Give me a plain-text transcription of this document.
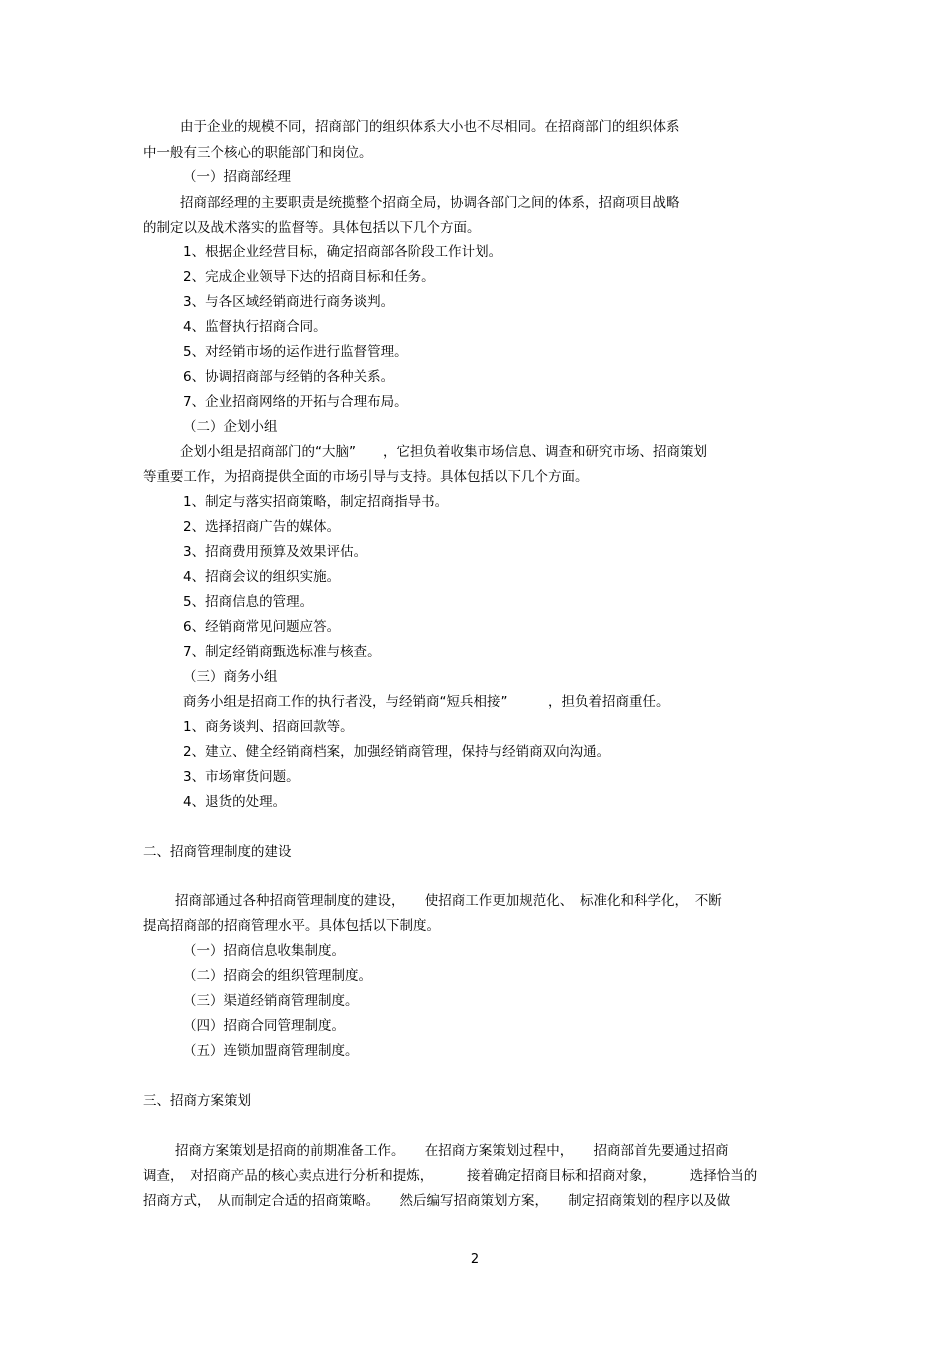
由于企业的规模不同，招商部门的组织体系大小也不尽相同。在招商部门的组织体系
中一般有三个核心的职能部门和岗位。
（一）招商部经理
招商部经理的主要职责是统揽整个招商全局，协调各部门之间的体系，招商项目战略
的制定以及战术落实的监督等。具体包括以下几个方面。
1、根据企业经营目标，确定招商部各阶段工作计划。
2、完成企业领导下达的招商目标和任务。
3、与各区域经销商进行商务谈判。
4、监督执行招商合同。
5、对经销市场的运作进行监督管理。
6、协调招商部与经销的各种关系。
7、企业招商网络的开拓与合理布局。
（二）企划小组
企划小组是招商部门的“大脑”　　，它担负着收集市场信息、调查和研究市场、招商策划
等重要工作，为招商提供全面的市场引导与支持。具体包括以下几个方面。
1、制定与落实招商策略，制定招商指导书。
2、选择招商广告的媒体。
3、招商费用预算及效果评估。
4、招商会议的组织实施。
5、招商信息的管理。
6、经销商常见问题应答。
7、制定经销商甄选标准与核查。
（三）商务小组
商务小组是招商工作的执行者没，与经销商“短兵相接”　　　，担负着招商重任。
1、商务谈判、招商回款等。
2、建立、健全经销商档案，加强经销商管理，保持与经销商双向沟通。
3、市场窜货问题。
4、退货的处理。
二、招商管理制度的建设
招商部通过各种招商管理制度的建设，　　使招商工作更加规范化、　标准化和科学化，　不断
提高招商部的招商管理水平。具体包括以下制度。
（一）招商信息收集制度。
（二）招商会的组织管理制度。
（三）渠道经销商管理制度。
（四）招商合同管理制度。
（五）连锁加盟商管理制度。
三、招商方案策划
招商方案策划是招商的前期准备工作。　　在招商方案策划过程中，　　招商部首先要通过招商
调查，　对招商产品的核心卖点进行分析和提炼，　　　接着确定招商目标和招商对象，　　　选择恰当的
招商方式，　从而制定合适的招商策略。　　然后编写招商策划方案，　　制定招商策划的程序以及做
2
